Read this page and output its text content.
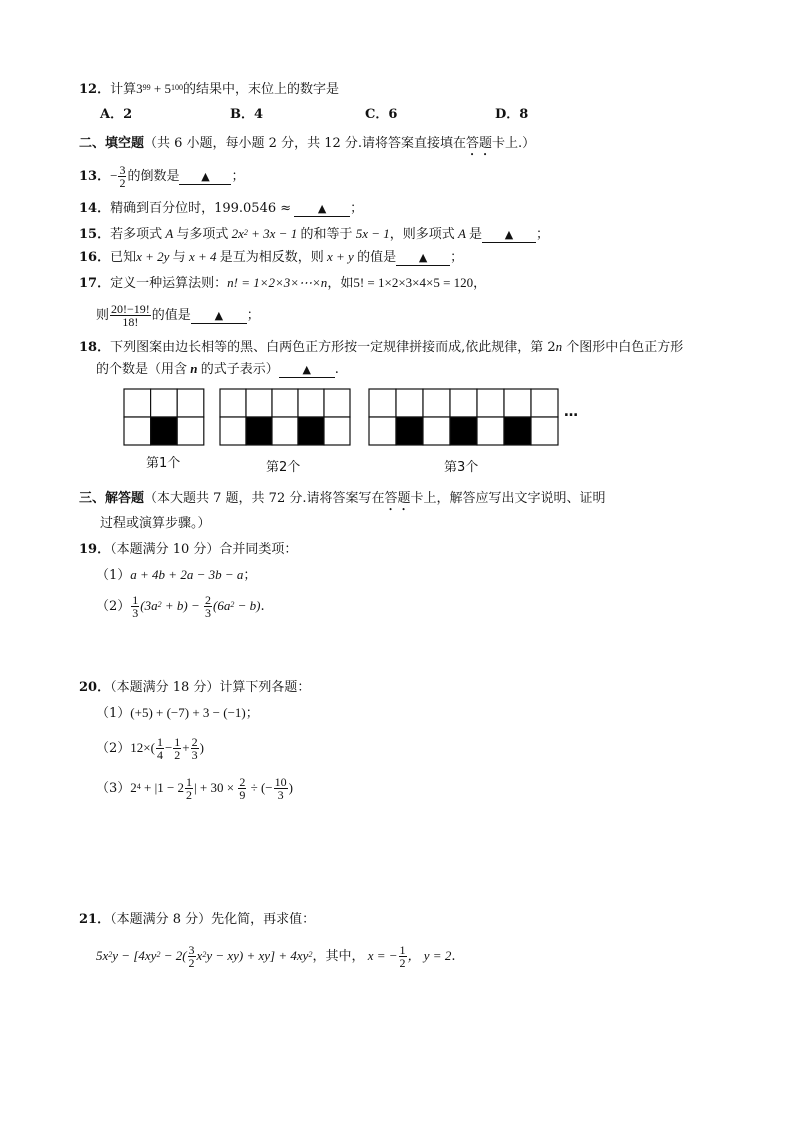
12．计算$3^{99} + 5^{100}$的结果中，末位上的数字是
A．2	B．4	C．6	D．8
二、填空题（共 6 小题，每小题 2 分，共 12 分.请将答案直接填在答题卡上.）
13．− $\frac{3}{2}$ 的倒数是 ▲ ；
14．精确到百分位时，199.0546 ≈ ▲ ；
15．若多项式 A 与多项式 $2x^2 + 3x - 1$ 的和等于 5x − 1，则多项式 A 是 ▲ ；
16．已知x + 2y 与 x + 4 是互为相反数，则 x + y 的值是 ▲ ；
17．定义一种运算法则：n! = 1×2×3×⋯×n，如5! = 1×2×3×4×5 = 120，
则 $\frac{20!-19!}{18!}$ 的值是 ▲ ；
18．下列图案由边长相等的黑、白两色正方形按一定规律拼接而成,依此规律，第 2n 个图形中白色正方形
的个数是（用含 n 的式子表示） ▲ .
…
第1个	第2个	第3个
三、解答题（本大题共 7 题，共 72 分.请将答案写在答题卡上，解答应写出文字说明、证明
过程或演算步骤。）
19．（本题满分 10 分）合并同类项：
（1）a + 4b + 2a − 3b − a；
$(2) \frac{1}{3} (3a^2 + b) - \frac{2}{3} (6a^2 - b)$.
20．（本题满分 18 分）计算下列各题：
（1）(+5) + (−7) + 3 − (−1)；
$(2)12\times( \frac{1}{4} - \frac{1}{2} + \frac{2}{3}$ )
$(3)2^4 + |1 - 2 \frac{1}{2}$ | + $30 \times \frac{2}{9}$ ÷ (− $\frac{10}{3}$ )
21．（本题满分 8 分）先化简，再求值：
$5x^2y - [4xy^2 - 2( \frac{3}{2} x^2y - xy) + xy] + 4xy^2$，其中， x = − $\frac{1}{2}$ ， y = 2.
